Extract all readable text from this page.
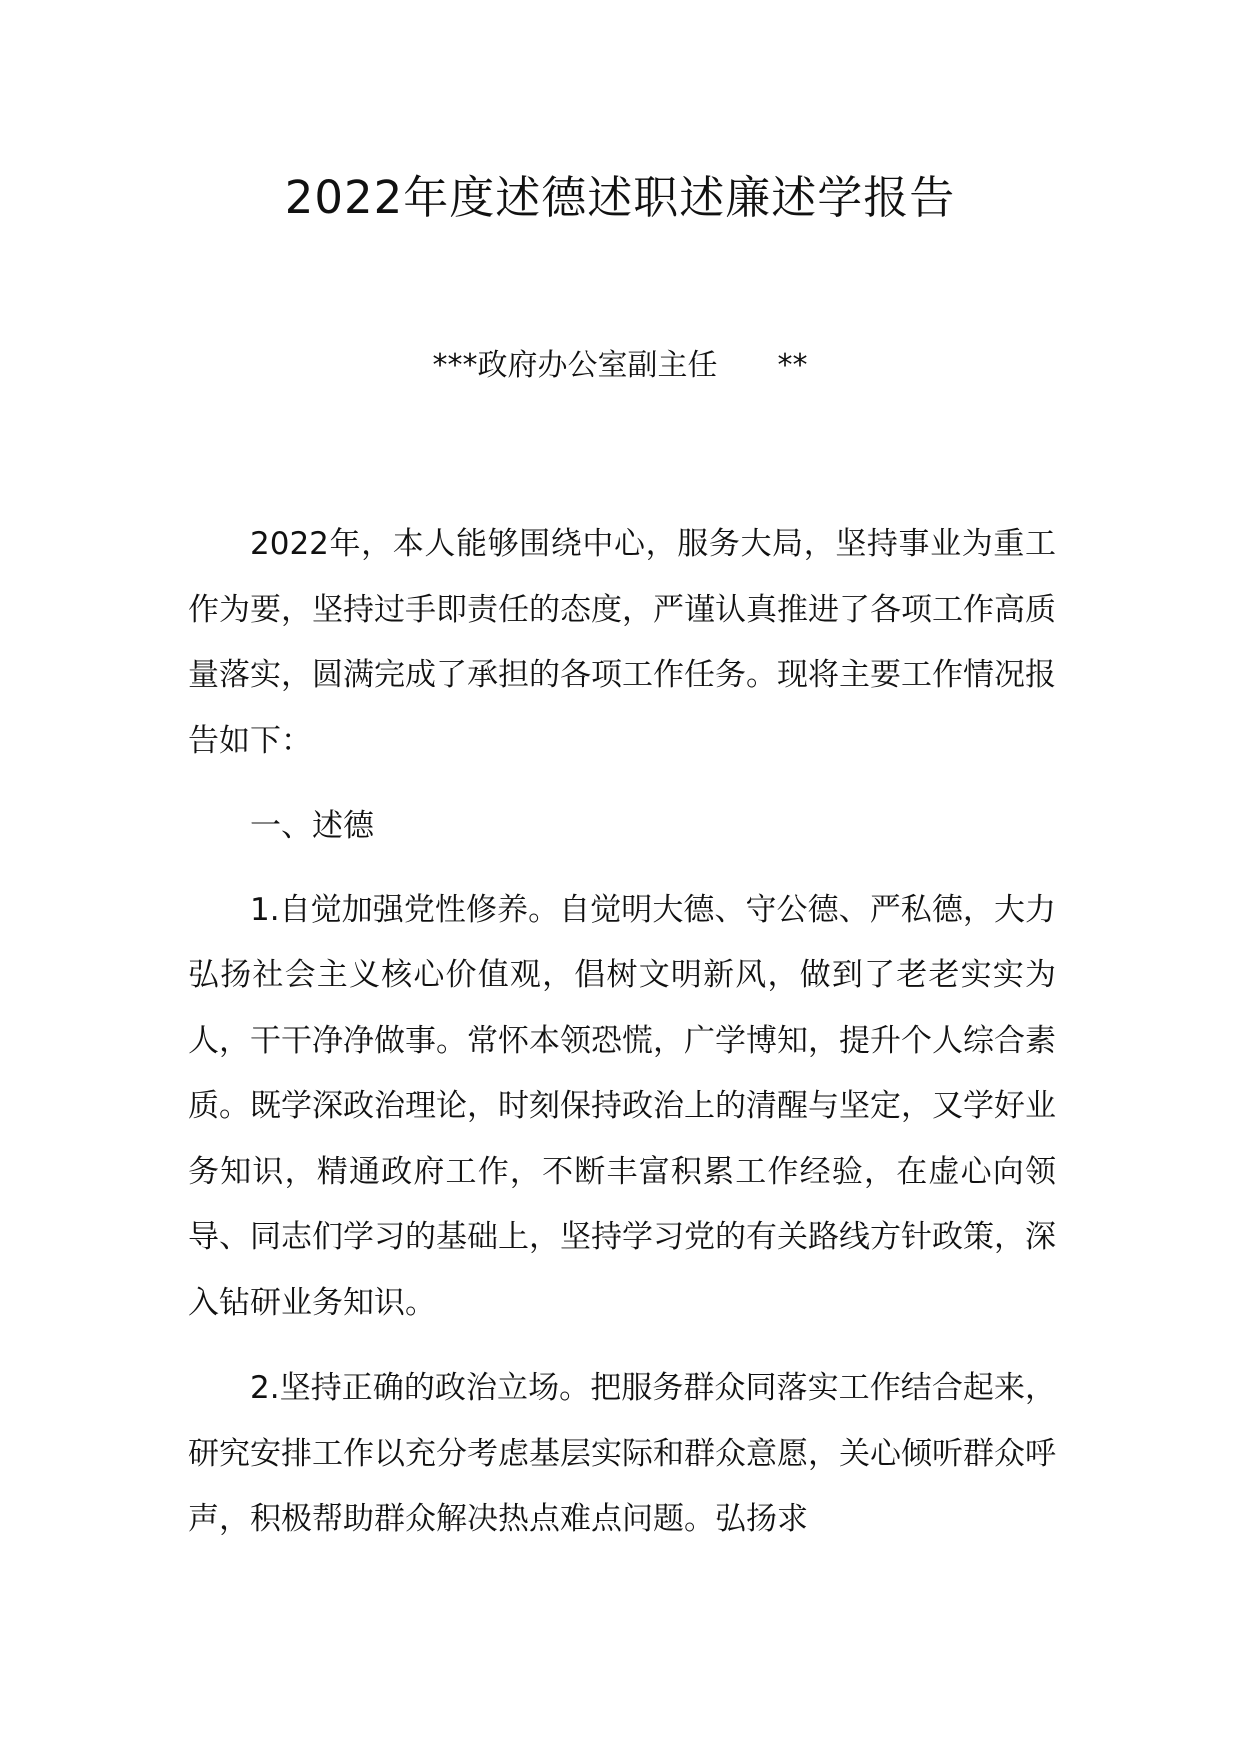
2022年度述德述职述廉述学报告
***政府办公室副主任　　**

2022年，本人能够围绕中心，服务大局，坚持事业为重工作为要，坚持过手即责任的态度，严谨认真推进了各项工作高质量落实，圆满完成了承担的各项工作任务。现将主要工作情况报告如下：

一、述德

1.自觉加强党性修养。自觉明大德、守公德、严私德，大力弘扬社会主义核心价值观，倡树文明新风，做到了老老实实为人，干干净净做事。常怀本领恐慌，广学博知，提升个人综合素质。既学深政治理论，时刻保持政治上的清醒与坚定，又学好业务知识，精通政府工作，不断丰富积累工作经验，在虚心向领导、同志们学习的基础上，坚持学习党的有关路线方针政策，深入钻研业务知识。

2.坚持正确的政治立场。把服务群众同落实工作结合起来，研究安排工作以充分考虑基层实际和群众意愿，关心倾听群众呼声，积极帮助群众解决热点难点问题。弘扬求
